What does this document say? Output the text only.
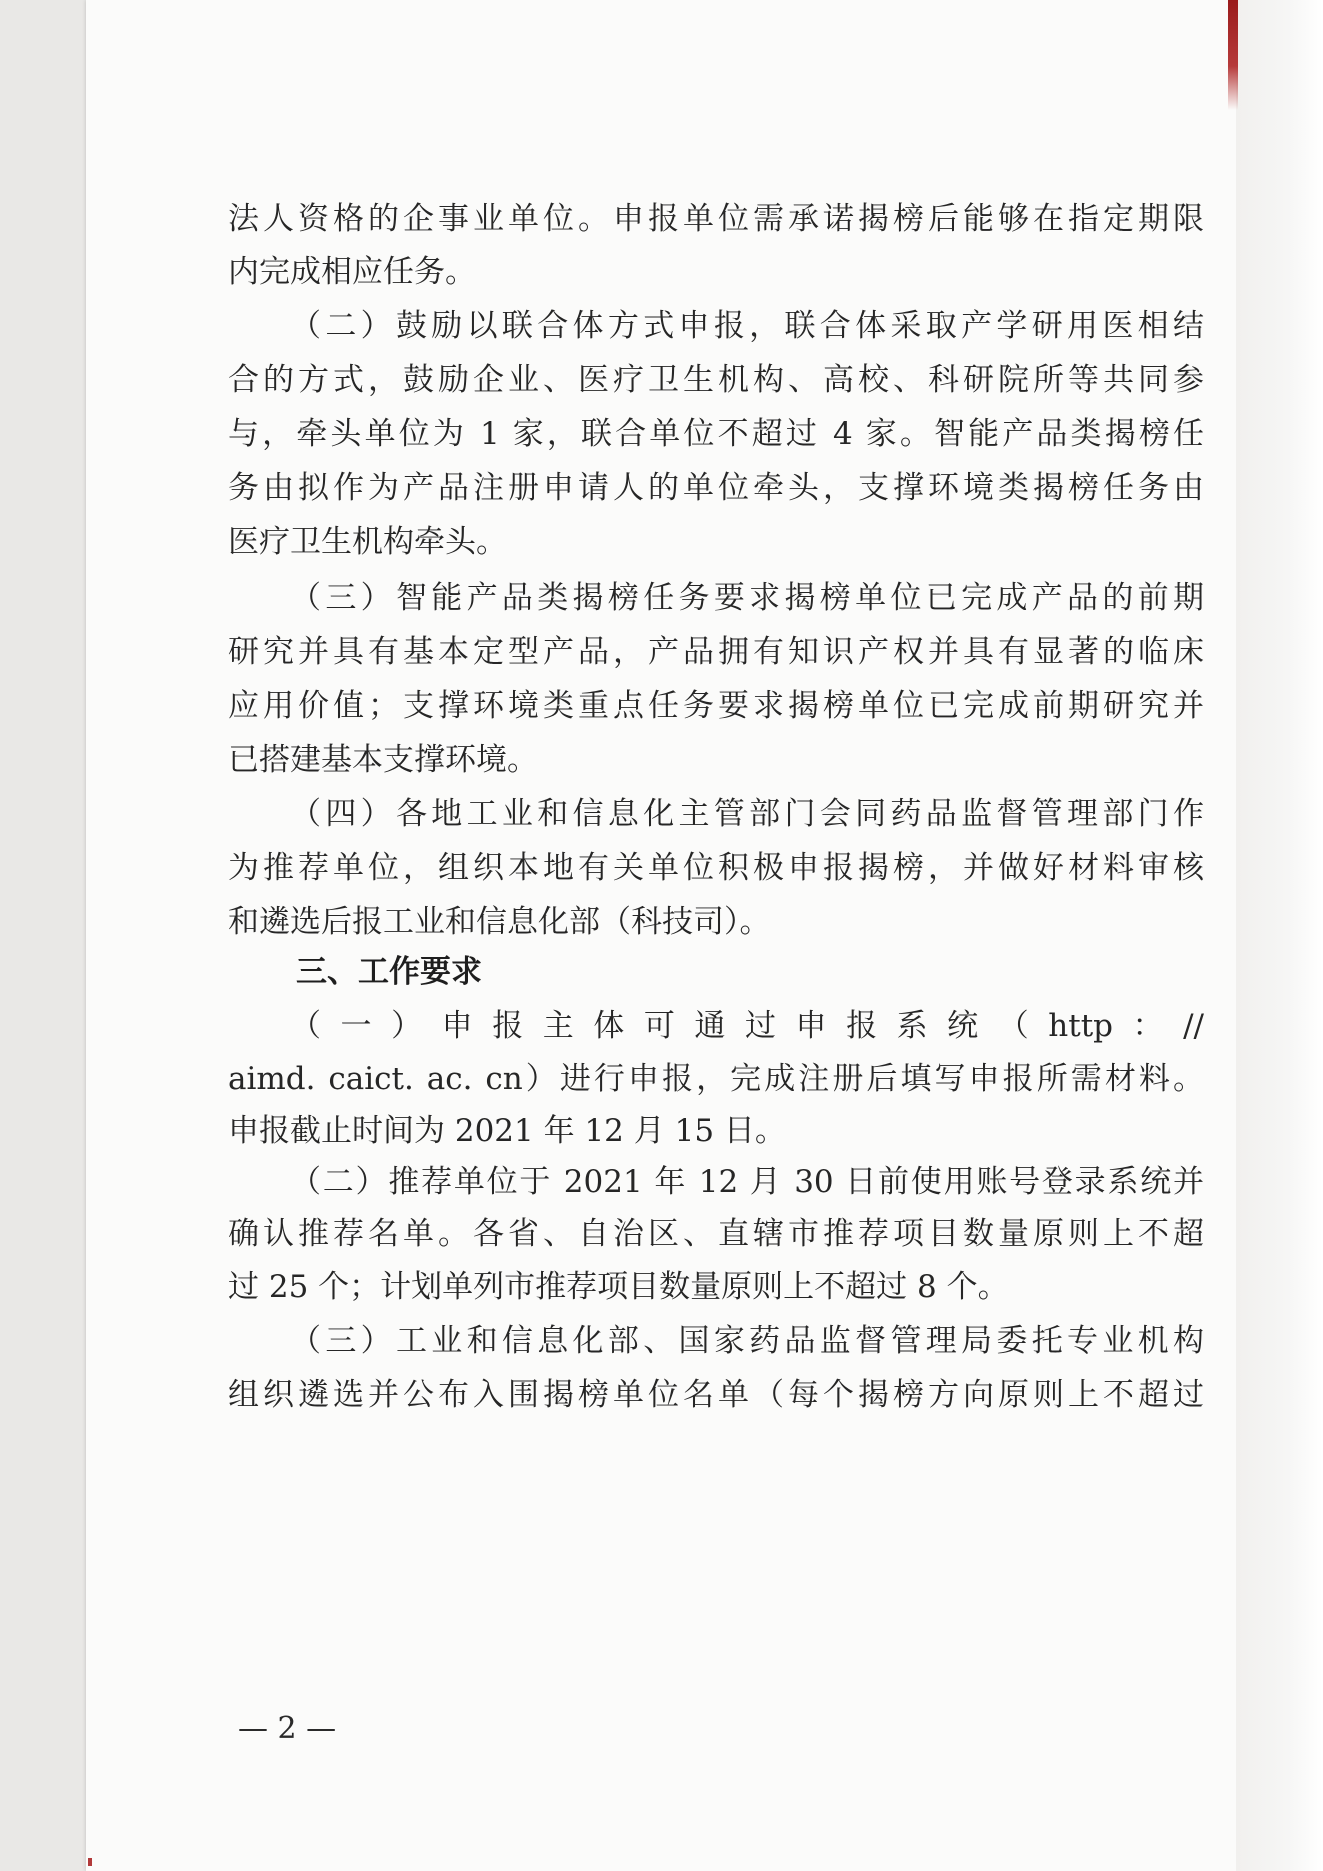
法人资格的企事业单位。申报单位需承诺揭榜后能够在指定期限
内完成相应任务。
（二）鼓励以联合体方式申报，联合体采取产学研用医相结
合的方式，鼓励企业、医疗卫生机构、高校、科研院所等共同参
与，牵头单位为 1 家，联合单位不超过 4 家。智能产品类揭榜任
务由拟作为产品注册申请人的单位牵头，支撑环境类揭榜任务由
医疗卫生机构牵头。
（三）智能产品类揭榜任务要求揭榜单位已完成产品的前期
研究并具有基本定型产品，产品拥有知识产权并具有显著的临床
应用价值；支撑环境类重点任务要求揭榜单位已完成前期研究并
已搭建基本支撑环境。
（四）各地工业和信息化主管部门会同药品监督管理部门作
为推荐单位，组织本地有关单位积极申报揭榜，并做好材料审核
和遴选后报工业和信息化部（科技司）。
三、工作要求
（一）申报主体可通过申报系统（http：//
aimd. caict. ac. cn）进行申报，完成注册后填写申报所需材料。
申报截止时间为 2021 年 12 月 15 日。
（二）推荐单位于 2021 年 12 月 30 日前使用账号登录系统并
确认推荐名单。各省、自治区、直辖市推荐项目数量原则上不超
过 25 个；计划单列市推荐项目数量原则上不超过 8 个。
（三）工业和信息化部、国家药品监督管理局委托专业机构
组织遴选并公布入围揭榜单位名单（每个揭榜方向原则上不超过
— 2 —
